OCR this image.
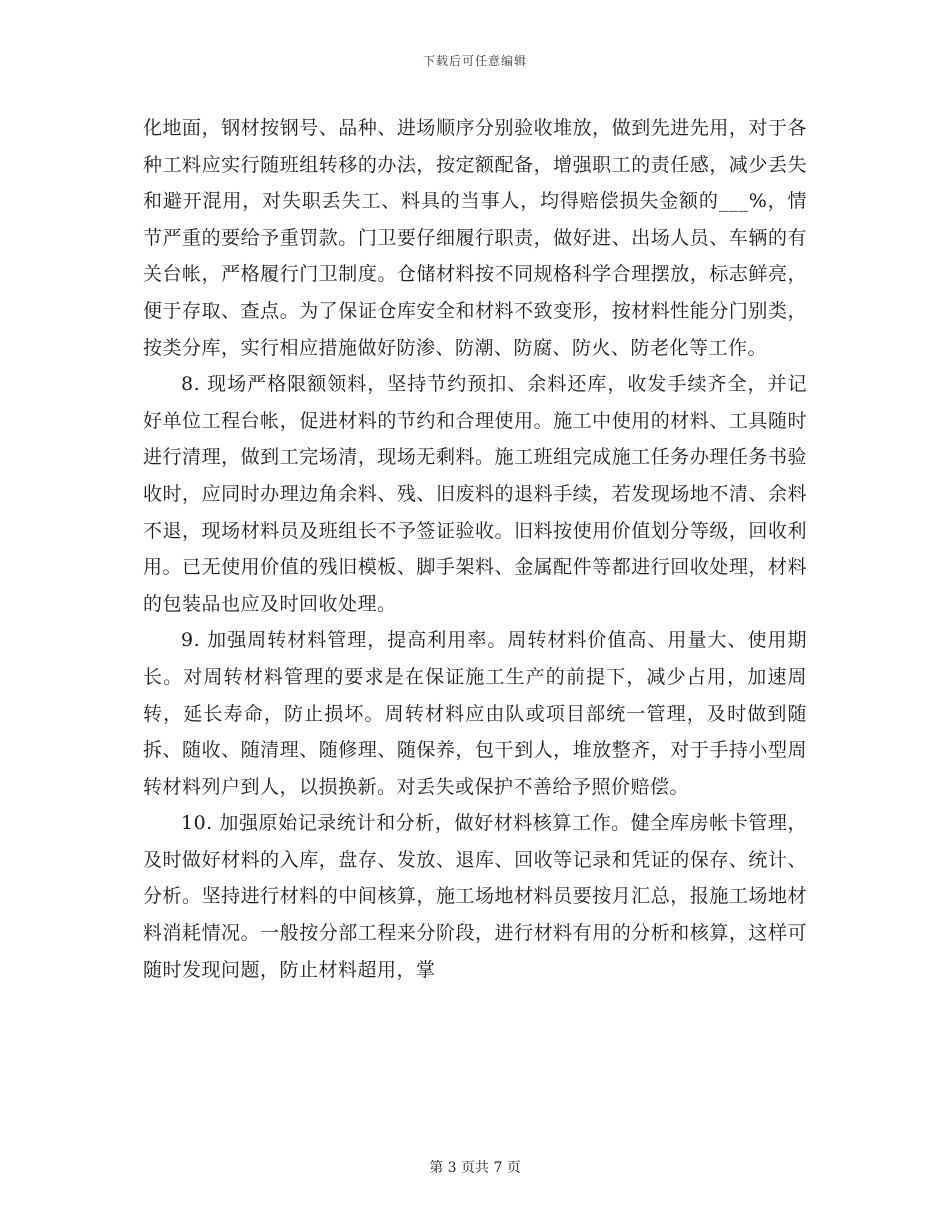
下载后可任意编辑

化地面，钢材按钢号、品种、进场顺序分别验收堆放，做到先进先用，对于各种工料应实行随班组转移的办法，按定额配备，增强职工的责任感，减少丢失和避开混用，对失职丢失工、料具的当事人，均得赔偿损失金额的___%，情节严重的要给予重罚款。门卫要仔细履行职责，做好进、出场人员、车辆的有关台帐，严格履行门卫制度。仓储材料按不同规格科学合理摆放，标志鲜亮，便于存取、查点。为了保证仓库安全和材料不致变形，按材料性能分门别类，按类分库，实行相应措施做好防渗、防潮、防腐、防火、防老化等工作。

8. 现场严格限额领料，坚持节约预扣、余料还库，收发手续齐全，并记好单位工程台帐，促进材料的节约和合理使用。施工中使用的材料、工具随时进行清理，做到工完场清，现场无剩料。施工班组完成施工任务办理任务书验收时，应同时办理边角余料、残、旧废料的退料手续，若发现场地不清、余料不退，现场材料员及班组长不予签证验收。旧料按使用价值划分等级，回收利用。已无使用价值的残旧模板、脚手架料、金属配件等都进行回收处理，材料的包装品也应及时回收处理。

9. 加强周转材料管理，提高利用率。周转材料价值高、用量大、使用期长。对周转材料管理的要求是在保证施工生产的前提下，减少占用，加速周转，延长寿命，防止损坏。周转材料应由队或项目部统一管理，及时做到随拆、随收、随清理、随修理、随保养，包干到人，堆放整齐，对于手持小型周转材料列户到人，以损换新。对丢失或保护不善给予照价赔偿。

10. 加强原始记录统计和分析，做好材料核算工作。健全库房帐卡管理，及时做好材料的入库，盘存、发放、退库、回收等记录和凭证的保存、统计、分析。坚持进行材料的中间核算，施工场地材料员要按月汇总，报施工场地材料消耗情况。一般按分部工程来分阶段，进行材料有用的分析和核算，这样可随时发现问题，防止材料超用，掌

第 3 页共 7 页
